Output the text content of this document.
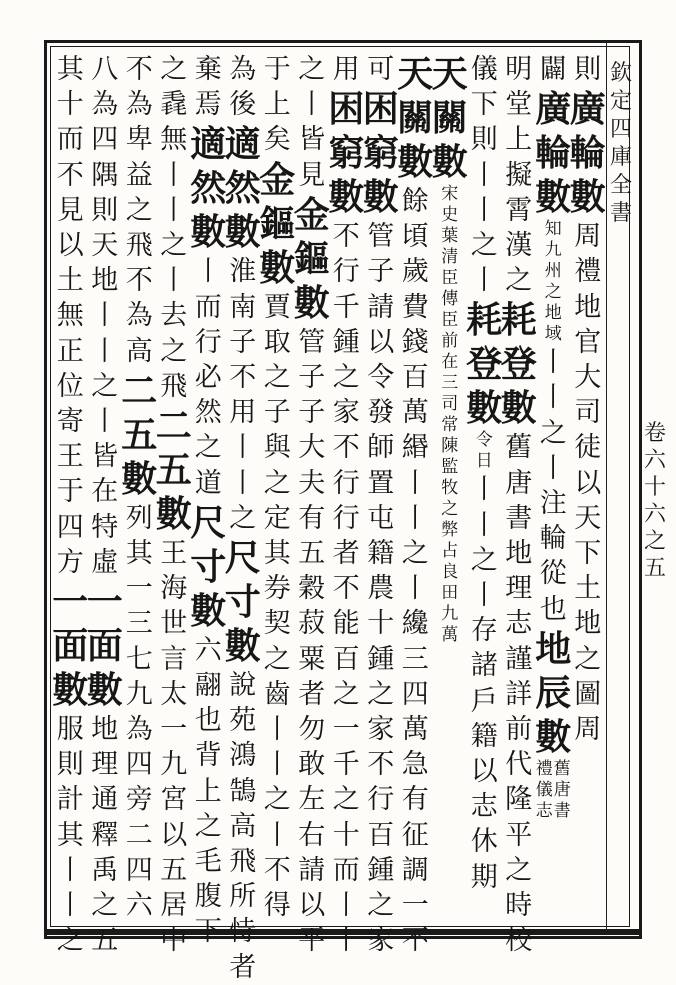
欽
定
四
庫
全
書
卷
六
十
六
之
五
則
廣
輪
數
周
禮
地
官
大
司
徒
以
天
下
土
地
之
圖
周
闢
廣
輪
數
知
九
州
之
地
域
丨
丨
之
丨
注
輪
從
也
地
辰
數
禮
儀
志
舊
唐
書
明
堂
上
擬
霄
漢
之
耗
登
數
舊
唐
書
地
理
志
謹
詳
前
代
隆
平
之
時
校
儀
下
則
丨
丨
之
丨
耗
登
數
令
日
丨
丨
之
丨
存
諸
戶
籍
以
志
休
期
天
關
數
宋
史
葉
清
臣
傳
臣
前
在
三
司
常
陳
監
牧
之
弊
占
良
田
九
萬
天
關
數
餘
頃
歲
費
錢
百
萬
緡
丨
丨
之
丨
纔
三
四
萬
急
有
征
調
一
不
可
困
窮
數
管
子
請
以
令
發
師
置
屯
籍
農
十
鍾
之
家
不
行
百
鍾
之
家
用
困
窮
數
不
行
千
鍾
之
家
不
行
行
者
不
能
百
之
一
千
之
十
而
丨
丨
之
丨
皆
見
金
鏂
數
管
子
子
大
夫
有
五
穀
菽
粟
者
勿
敢
左
右
請
以
平
于
上
矣
金
鏂
數
賈
取
之
子
與
之
定
其
券
契
之
齒
丨
丨
之
丨
不
得
為
後
適
然
數
淮
南
子
不
用
丨
丨
之
尺
寸
數
說
苑
鴻
鵠
高
飛
所
恃
者
棄
焉
適
然
數
丨
而
行
必
然
之
道
尺
寸
數
六
翮
也
背
上
之
毛
腹
下
之
毳
無
丨
丨
之
丨
去
之
飛
二
五
數
王
海
世
言
太
一
九
宮
以
五
居
中
不
為
卑
益
之
飛
不
為
高
二
五
數
列
其
一
三
七
九
為
四
旁
二
四
六
八
為
四
隅
則
天
地
丨
丨
之
丨
皆
在
特
虛
一
面
數
地
理
通
釋
禹
之
五
其
十
而
不
見
以
土
無
正
位
寄
王
于
四
方
一
面
數
服
則
計
其
丨
丨
之
